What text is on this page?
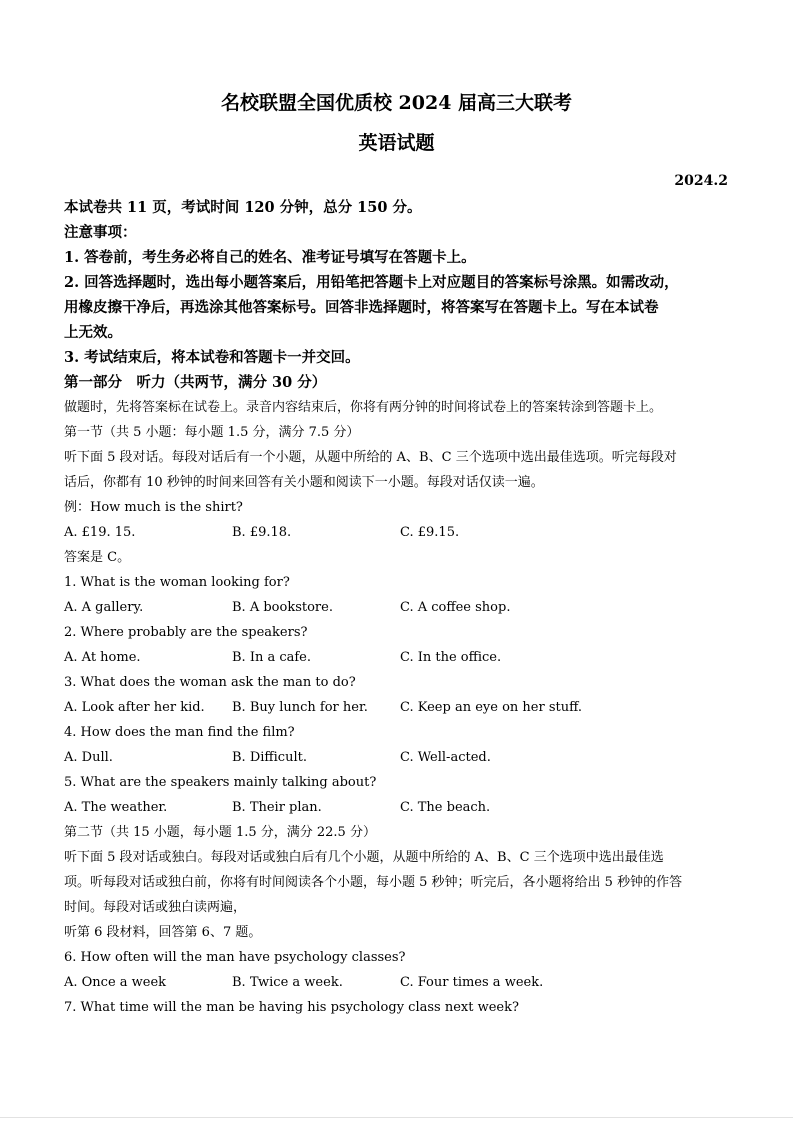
名校联盟全国优质校 2024 届高三大联考
英语试题
2024.2
本试卷共 11 页，考试时间 120 分钟，总分 150 分。
注意事项：
1. 答卷前，考生务必将自己的姓名、准考证号填写在答题卡上。
2. 回答选择题时，选出每小题答案后，用铅笔把答题卡上对应题目的答案标号涂黑。如需改动，
用橡皮擦干净后，再选涂其他答案标号。回答非选择题时，将答案写在答题卡上。写在本试卷
上无效。
3. 考试结束后，将本试卷和答题卡一并交回。
第一部分　听力（共两节，满分 30 分）
做题时，先将答案标在试卷上。录音内容结束后，你将有两分钟的时间将试卷上的答案转涂到答题卡上。
第一节（共 5 小题：每小题 1.5 分，满分 7.5 分）
听下面 5 段对话。每段对话后有一个小题，从题中所给的 A、B、C 三个选项中选出最佳选项。听完每段对
话后，你都有 10 秒钟的时间来回答有关小题和阅读下一小题。每段对话仅读一遍。
例：How much is the shirt?
A. £19. 15.	B. £9.18.	C. £9.15.
答案是 C。
1. What is the woman looking for?
A. A gallery.	B. A bookstore.	C. A coffee shop.
2. Where probably are the speakers?
A. At home.	B. In a cafe.	C. In the office.
3. What does the woman ask the man to do?
A. Look after her kid. B. Buy lunch for her. C. Keep an eye on her stuff.
4. How does the man find the film?
A. Dull.	B. Difficult.	C. Well-acted.
5. What are the speakers mainly talking about?
A. The weather.	B. Their plan.	C. The beach.
第二节（共 15 小题，每小题 1.5 分，满分 22.5 分）
听下面 5 段对话或独白。每段对话或独白后有几个小题，从题中所给的 A、B、C 三个选项中选出最佳选
项。听每段对话或独白前，你将有时间阅读各个小题，每小题 5 秒钟；听完后，各小题将给出 5 秒钟的作答
时间。每段对话或独白读两遍，
听第 6 段材料，回答第 6、7 题。
6. How often will the man have psychology classes?
A. Once a week	B. Twice a week.	C. Four times a week.
7. What time will the man be having his psychology class next week?
